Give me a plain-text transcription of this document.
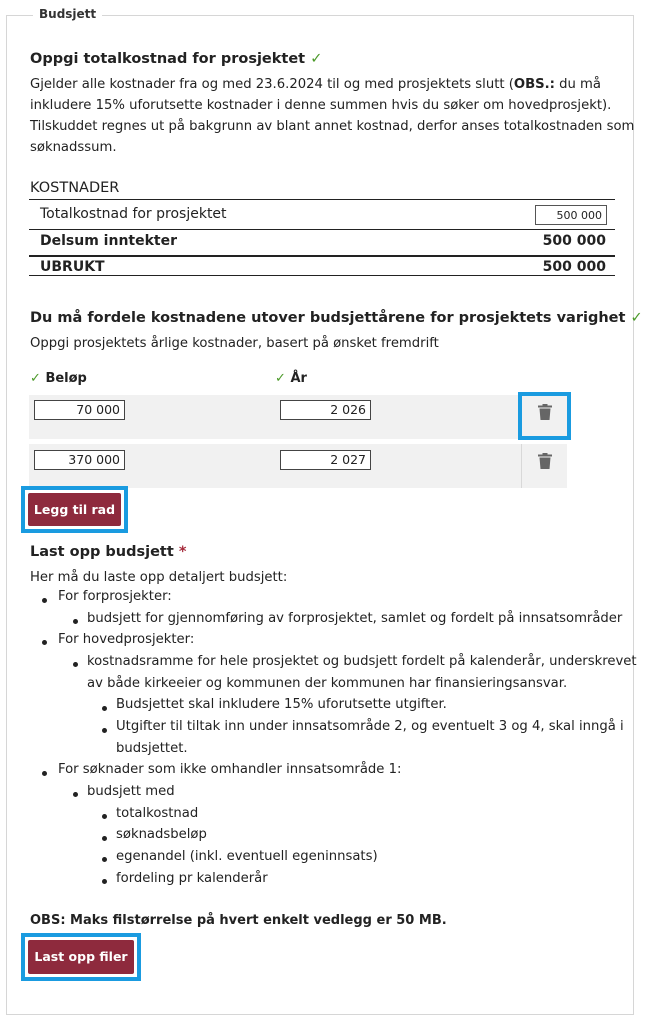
Budsjett
Oppgi totalkostnad for prosjektet ✓
Gjelder alle kostnader fra og med 23.6.2024 til og med prosjektets slutt (OBS.: du må
inkludere 15% uforutsette kostnader i denne summen hvis du søker om hovedprosjekt).
Tilskuddet regnes ut på bakgrunn av blant annet kostnad, derfor anses totalkostnaden som
søknadssum.
KOSTNADER
Totalkostnad for prosjektet	500 000
Delsum inntekter	500 000
UBRUKT	500 000
Du må fordele kostnadene utover budsjettårene for prosjektets varighet ✓
Oppgi prosjektets årlige kostnader, basert på ønsket fremdrift
✓ Beløp	✓ År
70 000	2 026
370 000	2 027
Legg til rad
Last opp budsjett *
Her må du laste opp detaljert budsjett:
For forprosjekter:
budsjett for gjennomføring av forprosjektet, samlet og fordelt på innsatsområder
For hovedprosjekter:
kostnadsramme for hele prosjektet og budsjett fordelt på kalenderår, underskrevet
av både kirkeeier og kommunen der kommunen har finansieringsansvar.
Budsjettet skal inkludere 15% uforutsette utgifter.
Utgifter til tiltak inn under innsatsområde 2, og eventuelt 3 og 4, skal inngå i
budsjettet.
For søknader som ikke omhandler innsatsområde 1:
budsjett med
totalkostnad
søknadsbeløp
egenandel (inkl. eventuell egeninnsats)
fordeling pr kalenderår
OBS: Maks filstørrelse på hvert enkelt vedlegg er 50 MB.
Last opp filer
